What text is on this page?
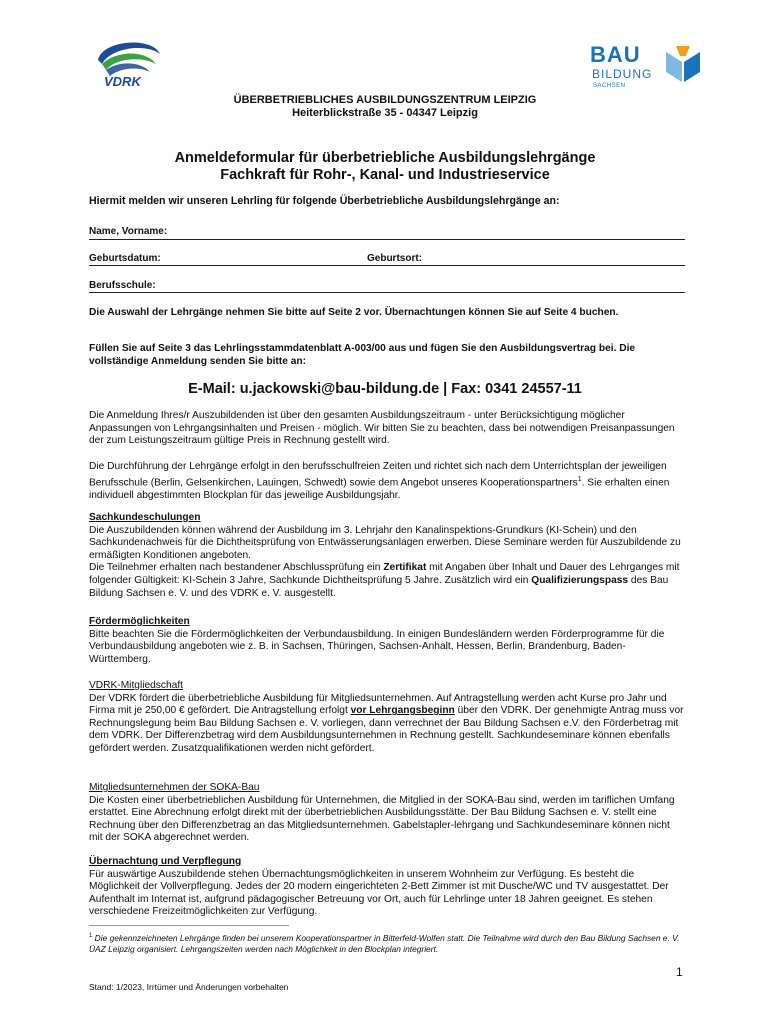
VDRK
BAU
BILDUNG
SACHSEN
ÜBERBETRIEBLICHES AUSBILDUNGSZENTRUM LEIPZIG
Heiterblickstraße 35 - 04347 Leipzig
Anmeldeformular für überbetriebliche Ausbildungslehrgänge
Fachkraft für Rohr-, Kanal- und Industrieservice
Hiermit melden wir unseren Lehrling für folgende Überbetriebliche Ausbildungslehrgänge an:
Name, Vorname:
Geburtsdatum:	Geburtsort:
Berufsschule:
Die Auswahl der Lehrgänge nehmen Sie bitte auf Seite 2 vor. Übernachtungen können Sie auf Seite 4 buchen.
Füllen Sie auf Seite 3 das Lehrlingsstammdatenblatt A-003/00 aus und fügen Sie den Ausbildungsvertrag bei. Die vollständige Anmeldung senden Sie bitte an:
E-Mail: u.jackowski@bau-bildung.de | Fax: 0341 24557-11
Die Anmeldung Ihres/r Auszubildenden ist über den gesamten Ausbildungszeitraum - unter Berücksichtigung möglicher Anpassungen von Lehrgangsinhalten und Preisen - möglich. Wir bitten Sie zu beachten, dass bei notwendigen Preisanpassungen der zum Leistungszeitraum gültige Preis in Rechnung gestellt wird.
Die Durchführung der Lehrgänge erfolgt in den berufsschulfreien Zeiten und richtet sich nach dem Unterrichtsplan der jeweiligen Berufsschule (Berlin, Gelsenkirchen, Lauingen, Schwedt) sowie dem Angebot unseres Kooperationspartners$^1$. Sie erhalten einen individuell abgestimmten Blockplan für das jeweilige Ausbildungsjahr.
Sachkundeschulungen
Die Auszubildenden können während der Ausbildung im 3. Lehrjahr den Kanalinspektions-Grundkurs (KI-Schein) und den Sachkundenachweis für die Dichtheitsprüfung von Entwässerungsanlagen erwerben. Diese Seminare werden für Auszubildende zu ermäßigten Konditionen angeboten.
Die Teilnehmer erhalten nach bestandener Abschlussprüfung ein Zertifikat mit Angaben über Inhalt und Dauer des Lehrganges mit folgender Gültigkeit: KI-Schein 3 Jahre, Sachkunde Dichtheitsprüfung 5 Jahre. Zusätzlich wird ein Qualifizierungspass des Bau Bildung Sachsen e. V. und des VDRK e. V. ausgestellt.
Fördermöglichkeiten
Bitte beachten Sie die Fördermöglichkeiten der Verbundausbildung. In einigen Bundesländern werden Förderprogramme für die Verbundausbildung angeboten wie z. B. in Sachsen, Thüringen, Sachsen-Anhalt, Hessen, Berlin, Brandenburg, Baden-Württemberg.
VDRK-Mitgliedschaft
Der VDRK fördert die überbetriebliche Ausbildung für Mitgliedsunternehmen. Auf Antragstellung werden acht Kurse pro Jahr und Firma mit je 250,00 € gefördert. Die Antragstellung erfolgt vor Lehrgangsbeginn über den VDRK. Der genehmigte Antrag muss vor Rechnungslegung beim Bau Bildung Sachsen e. V. vorliegen, dann verrechnet der Bau Bildung Sachsen e.V. den Förderbetrag mit dem VDRK. Der Differenzbetrag wird dem Ausbildungsunternehmen in Rechnung gestellt. Sachkundeseminare können ebenfalls gefördert werden. Zusatzqualifikationen werden nicht gefördert.
Mitgliedsunternehmen der SOKA-Bau
Die Kosten einer überbetrieblichen Ausbildung für Unternehmen, die Mitglied in der SOKA-Bau sind, werden im tariflichen Umfang erstattet. Eine Abrechnung erfolgt direkt mit der überbetrieblichen Ausbildungsstätte. Der Bau Bildung Sachsen e. V. stellt eine Rechnung über den Differenzbetrag an das Mitgliedsunternehmen. Gabelstapler-lehrgang und Sachkundeseminare können nicht mit der SOKA abgerechnet werden.
Übernachtung und Verpflegung
Für auswärtige Auszubildende stehen Übernachtungsmöglichkeiten in unserem Wohnheim zur Verfügung. Es besteht die Möglichkeit der Vollverpflegung. Jedes der 20 modern eingerichteten 2-Bett Zimmer ist mit Dusche/WC und TV ausgestattet. Der Aufenthalt im Internat ist, aufgrund pädagogischer Betreuung vor Ort, auch für Lehrlinge unter 18 Jahren geeignet. Es stehen verschiedene Freizeitmöglichkeiten zur Verfügung.
$^1$ Die gekennzeichneten Lehrgänge finden bei unserem Kooperationspartner in Bitterfeld-Wolfen statt. Die Teilnahme wird durch den Bau Bildung Sachsen e. V. ÜAZ Leipzig organisiert. Lehrgangszeiten werden nach Möglichkeit in den Blockplan integriert.
1
Stand: 1/2023, Irrtümer und Änderungen vorbehalten
